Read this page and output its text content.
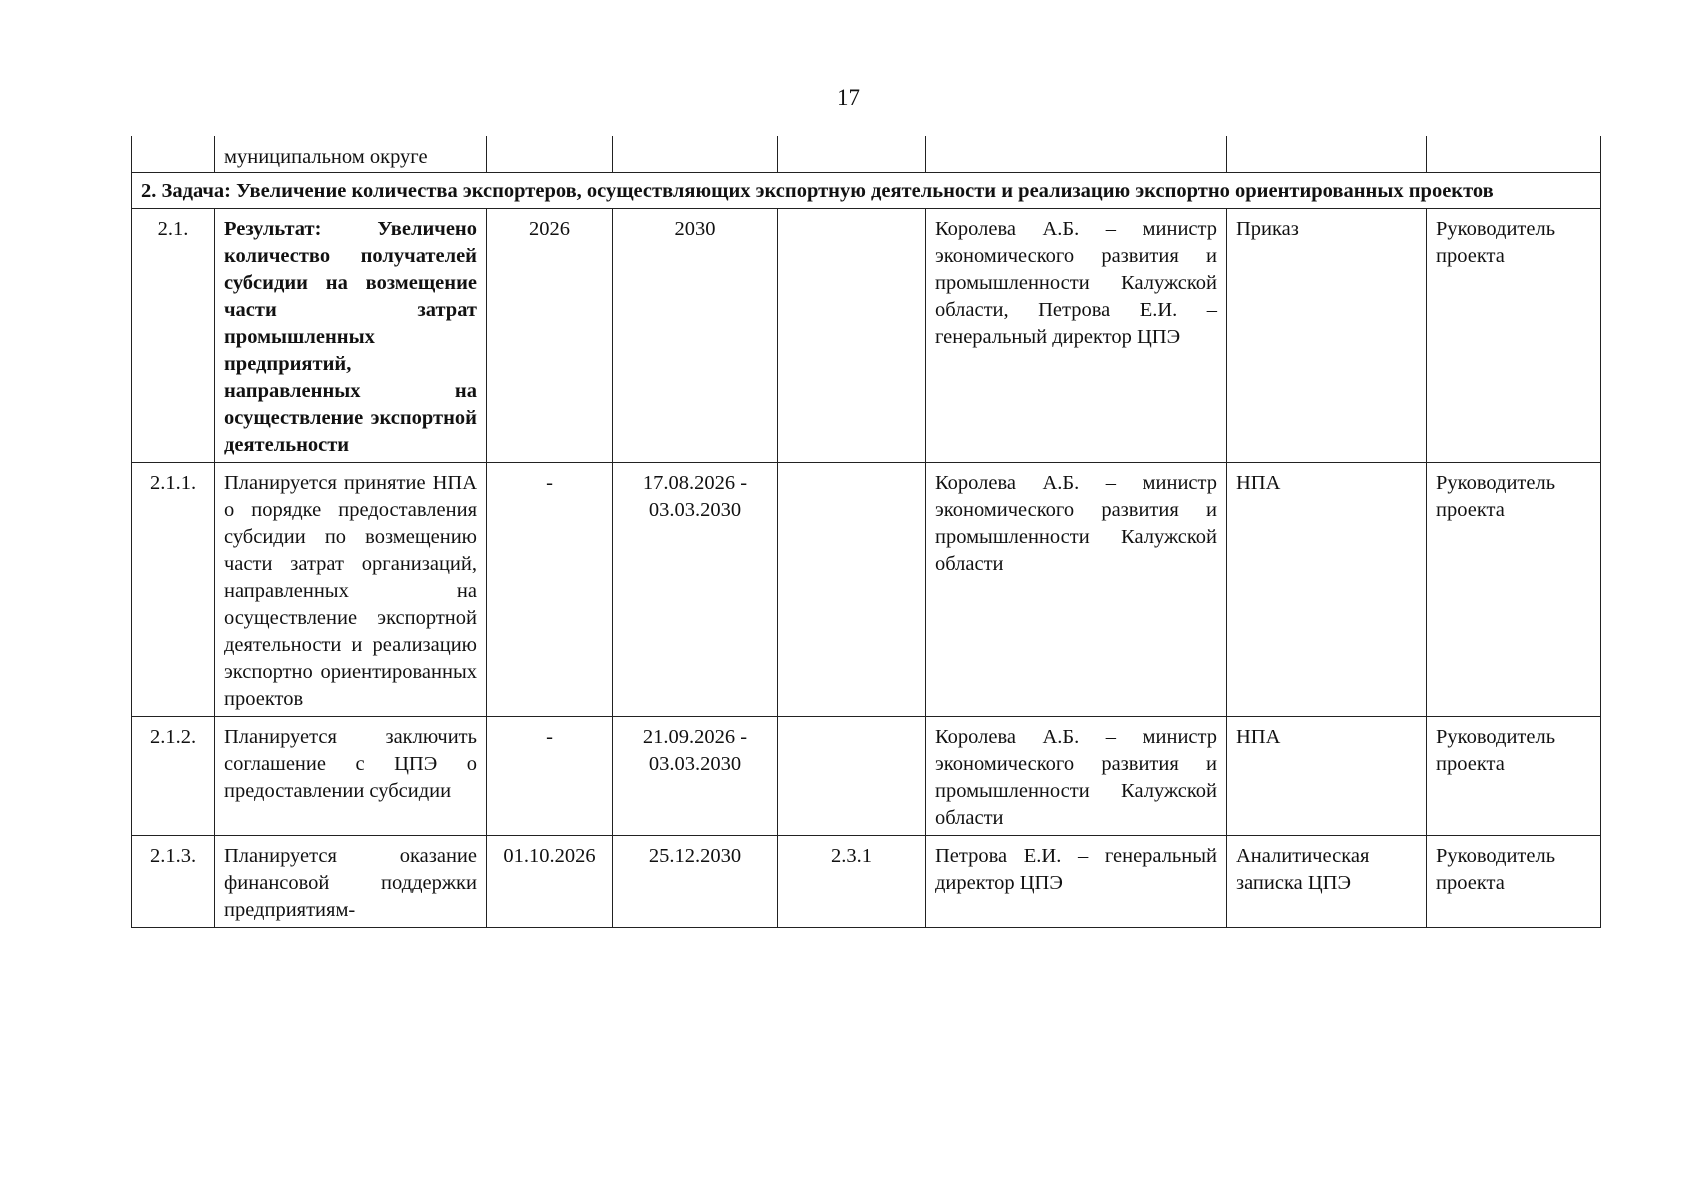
17
	муниципальном округе						
2. Задача: Увеличение количества экспортеров, осуществляющих экспортную деятельности и реализацию экспортно ориентированных проектов							
2.1.	Результат: Увеличено количество получателей субсидии на возмещение части затрат промышленных предприятий, направленных на осуществление экспортной деятельности	2026	2030		Королева А.Б. – министр экономического развития и промышленности Калужской области, Петрова Е.И. – генеральный директор ЦПЭ	Приказ	Руководитель проекта
2.1.1.	Планируется принятие НПА о порядке предоставления субсидии по возмещению части затрат организаций, направленных на осуществление экспортной деятельности и реализацию экспортно ориентированных проектов	-	17.08.2026 - 03.03.2030		Королева А.Б. – министр экономического развития и промышленности Калужской области	НПА	Руководитель проекта
2.1.2.	Планируется заключить соглашение с ЦПЭ о предоставлении субсидии	-	21.09.2026 - 03.03.2030		Королева А.Б. – министр экономического развития и промышленности Калужской области	НПА	Руководитель проекта
2.1.3.	Планируется оказание финансовой поддержки предприятиям-	01.10.2026	25.12.2030	2.3.1	Петрова Е.И. – генеральный директор ЦПЭ	Аналитическая записка ЦПЭ	Руководитель проекта
